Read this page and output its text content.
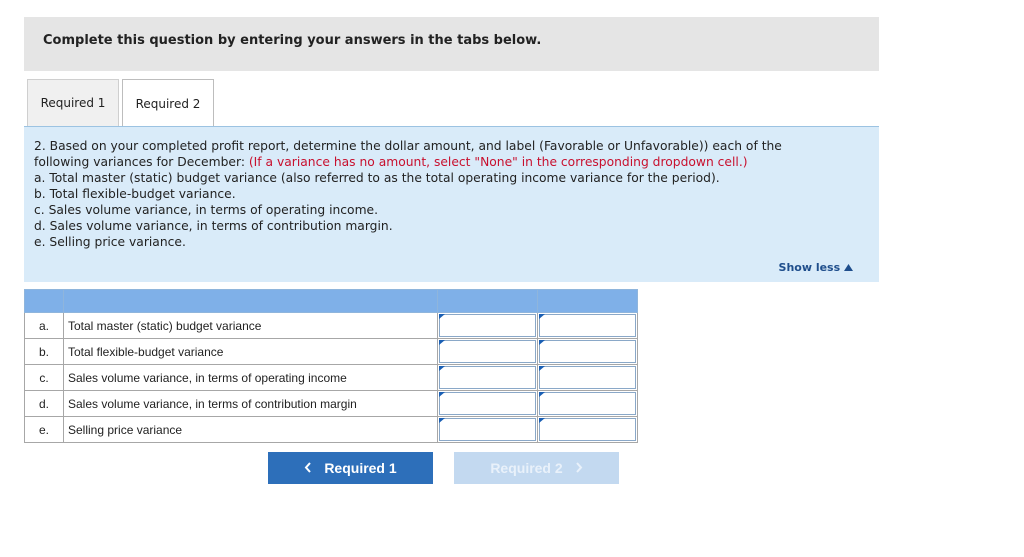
Complete this question by entering your answers in the tabs below.
Required 1	Required 2
2. Based on your completed profit report, determine the dollar amount, and label (Favorable or Unfavorable)) each of the
following variances for December: (If a variance has no amount, select "None" in the corresponding dropdown cell.)
a. Total master (static) budget variance (also referred to as the total operating income variance for the period).
b. Total flexible-budget variance.
c. Sales volume variance, in terms of operating income.
d. Sales volume variance, in terms of contribution margin.
e. Selling price variance.
Show less

a.	Total master (static) budget variance	

b.	Total flexible-budget variance	

c.	Sales volume variance, in terms of operating income	

d.	Sales volume variance, in terms of contribution margin	

e.	Selling price variance	

Required 1	Required 2
